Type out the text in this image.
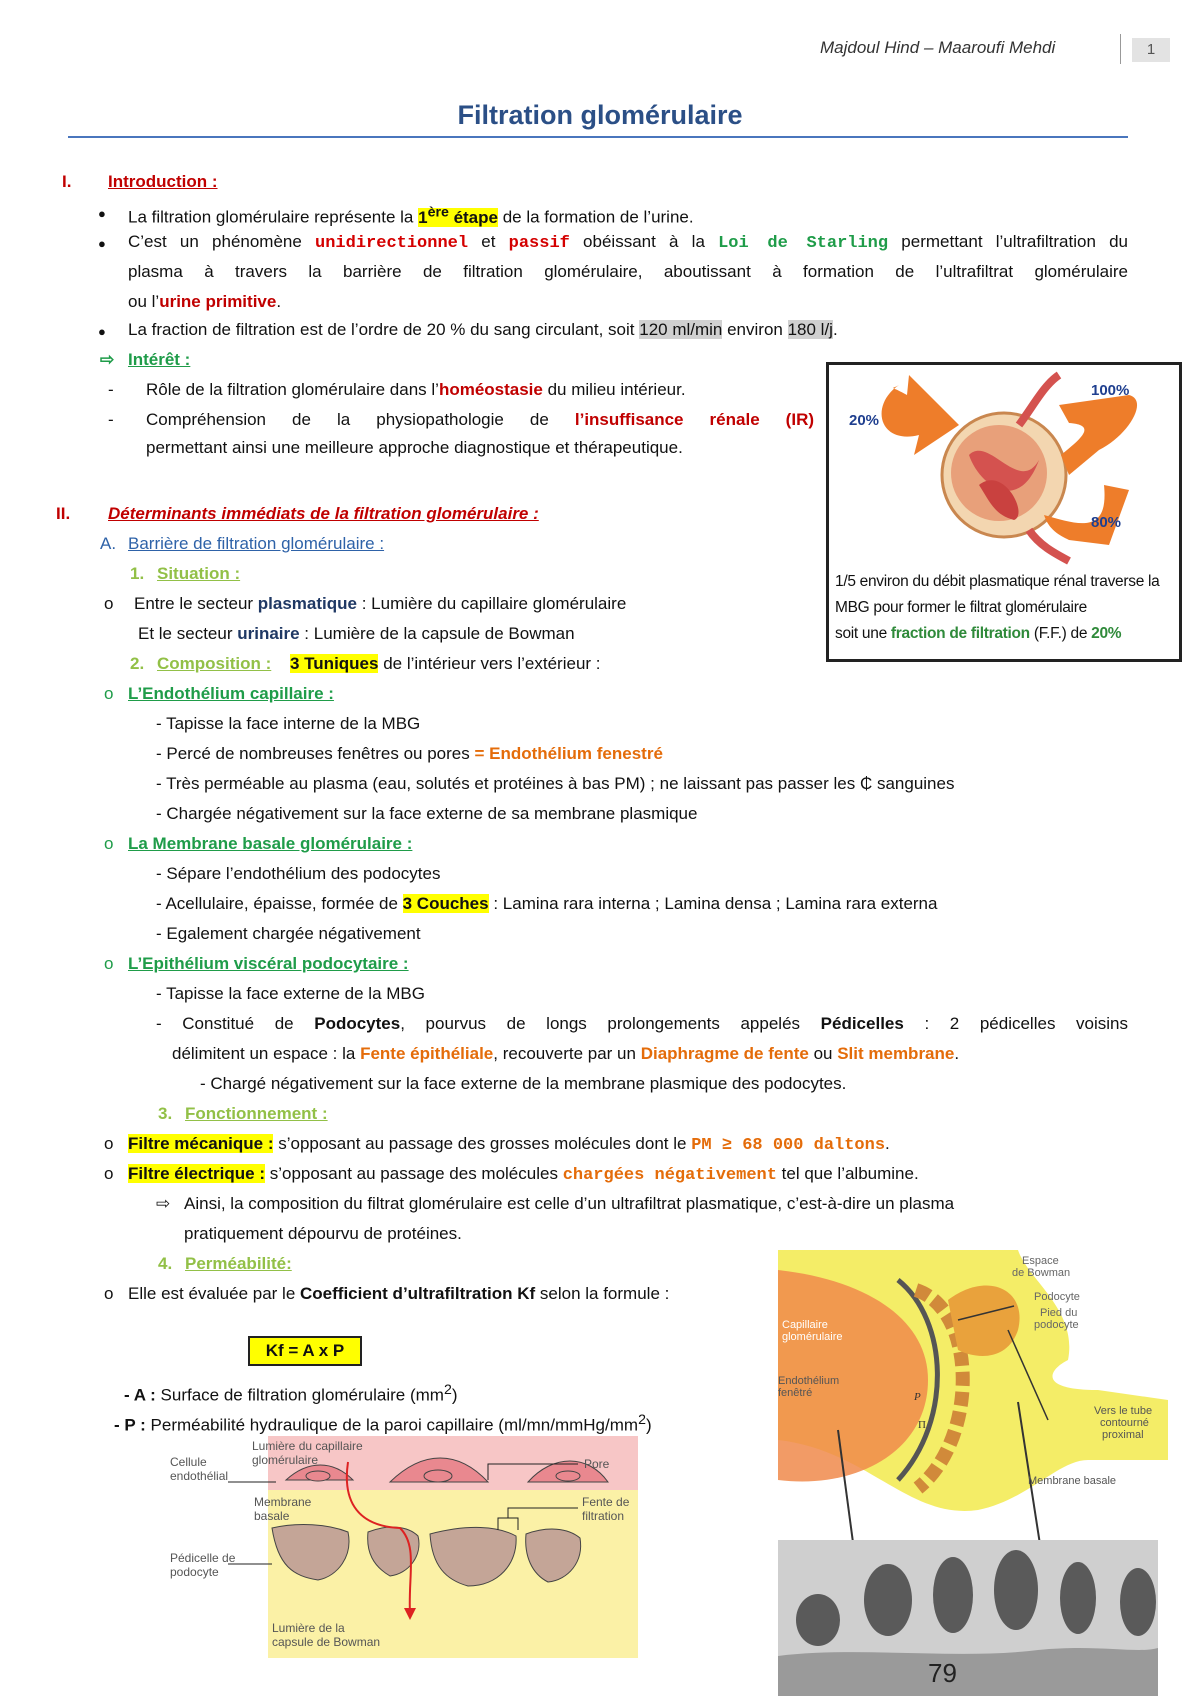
Majdoul Hind – Maaroufi Mehdi	1
Filtration glomérulaire
I. Introduction :
● La filtration glomérulaire représente la 1ère étape de la formation de l’urine.
● C’est un phénomène unidirectionnel et passif obéissant à la Loi de Starling permettant l’ultrafiltration du
plasma à travers la barrière de filtration glomérulaire, aboutissant à formation de l’ultrafiltrat glomérulaire
ou l’urine primitive.
● La fraction de filtration est de l’ordre de 20 % du sang circulant, soit 120 ml/min environ 180 l/j.
⇨ Intérêt :
- Rôle de la filtration glomérulaire dans l’homéostasie du milieu intérieur.
- Compréhension de la physiopathologie de l’insuffisance rénale (IR)
permettant ainsi une meilleure approche diagnostique et thérapeutique.
20%
100%
80%
1/5 environ du débit plasmatique rénal traverse la
MBG pour former le filtrat glomérulaire
soit une fraction de filtration (F.F.) de 20%
II. Déterminants immédiats de la filtration glomérulaire :
A. Barrière de filtration glomérulaire :
1. Situation :
o Entre le secteur plasmatique : Lumière du capillaire glomérulaire
Et le secteur urinaire : Lumière de la capsule de Bowman
2. Composition : 3 Tuniques de l’intérieur vers l’extérieur :
o L’Endothélium capillaire :
- Tapisse la face interne de la MBG
- Percé de nombreuses fenêtres ou pores = Endothélium fenestré
- Très perméable au plasma (eau, solutés et protéines à bas PM) ; ne laissant pas passer les ₵ sanguines
- Chargée négativement sur la face externe de sa membrane plasmique
o La Membrane basale glomérulaire :
- Sépare l’endothélium des podocytes
- Acellulaire, épaisse, formée de 3 Couches : Lamina rara interna ; Lamina densa ; Lamina rara externa
- Egalement chargée négativement
o L’Epithélium viscéral podocytaire :
- Tapisse la face externe de la MBG
- Constitué de Podocytes, pourvus de longs prolongements appelés Pédicelles : 2 pédicelles voisins
délimitent un espace : la Fente épithéliale, recouverte par un Diaphragme de fente ou Slit membrane.
- Chargé négativement sur la face externe de la membrane plasmique des podocytes.
3. Fonctionnement :
o Filtre mécanique : s’opposant au passage des grosses molécules dont le PM ≥ 68 000 daltons.
o Filtre électrique : s’opposant au passage des molécules chargées négativement tel que l’albumine.
⇨ Ainsi, la composition du filtrat glomérulaire est celle d’un ultrafiltrat plasmatique, c’est-à-dire un plasma
pratiquement dépourvu de protéines.
4. Perméabilité:
o Elle est évaluée par le Coefficient d’ultrafiltration Kf selon la formule :
Kf = A x P
- A : Surface de filtration glomérulaire $(mm^2)$
- P : Perméabilité hydraulique de la paroi capillaire $(ml/mn/mmHg/mm^2)$
Lumière du capillaire
glomérulaire
Cellule
endothélial
Pore
Membrane
basale
Fente de
filtration
Pédicelle de
podocyte
Lumière de la
capsule de Bowman
P
Π
Espace
de Bowman
Podocyte
Pied du
podocyte
Capillaire
glomérulaire
Vers le tube
contourné
proximal
Endothélium
fenêtré
Membrane basale
79
